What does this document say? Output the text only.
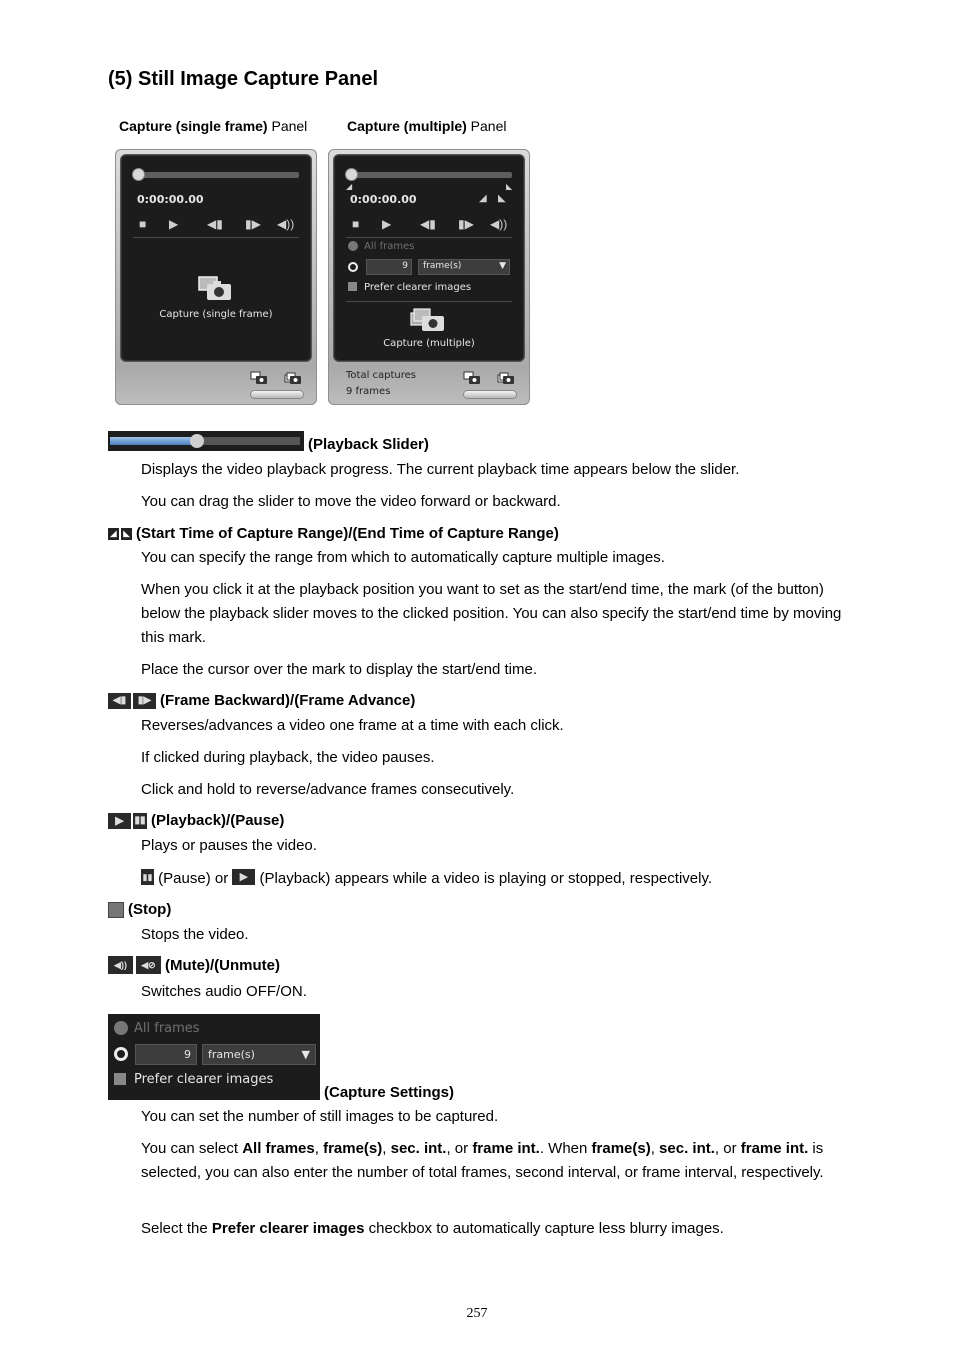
(5) Still Image Capture Panel
Capture (single frame) Panel	Capture (multiple) Panel
0:00:00.00
■ ▶ ◀▮ ▮▶ ◀))
Capture (single frame)
◢	◣
0:00:00.00	◢ ◣
■ ▶ ◀▮ ▮▶ ◀))
All frames
9 frame(s)	▼
Prefer clearer images
Capture (multiple)
Total captures
9 frames
(Playback Slider)
Displays the video playback progress. The current playback time appears below the slider.
You can drag the slider to move the video forward or backward.
◢ ◣ (Start Time of Capture Range)/(End Time of Capture Range)
You can specify the range from which to automatically capture multiple images.
When you click it at the playback position you want to set as the start/end time, the mark (of the button) below the playback slider moves to the clicked position. You can also specify the start/end time by moving this mark.
Place the cursor over the mark to display the start/end time.
◀▮	▮▶ (Frame Backward)/(Frame Advance)
Reverses/advances a video one frame at a time with each click.
If clicked during playback, the video pauses.
Click and hold to reverse/advance frames consecutively.
▶	▮▮ (Playback)/(Pause)
Plays or pauses the video.
▮▮ (Pause) or ▶ (Playback) appears while a video is playing or stopped, respectively.
(Stop)
Stops the video.
◀))	◀⊘ (Mute)/(Unmute)
Switches audio OFF/ON.
All frames
9 frame(s)	▼
Prefer clearer images
(Capture Settings)
You can set the number of still images to be captured.
You can select All frames, frame(s), sec. int., or frame int.. When frame(s), sec. int., or frame int. is selected, you can also enter the number of total frames, second interval, or frame interval, respectively.
Select the Prefer clearer images checkbox to automatically capture less blurry images.
257
